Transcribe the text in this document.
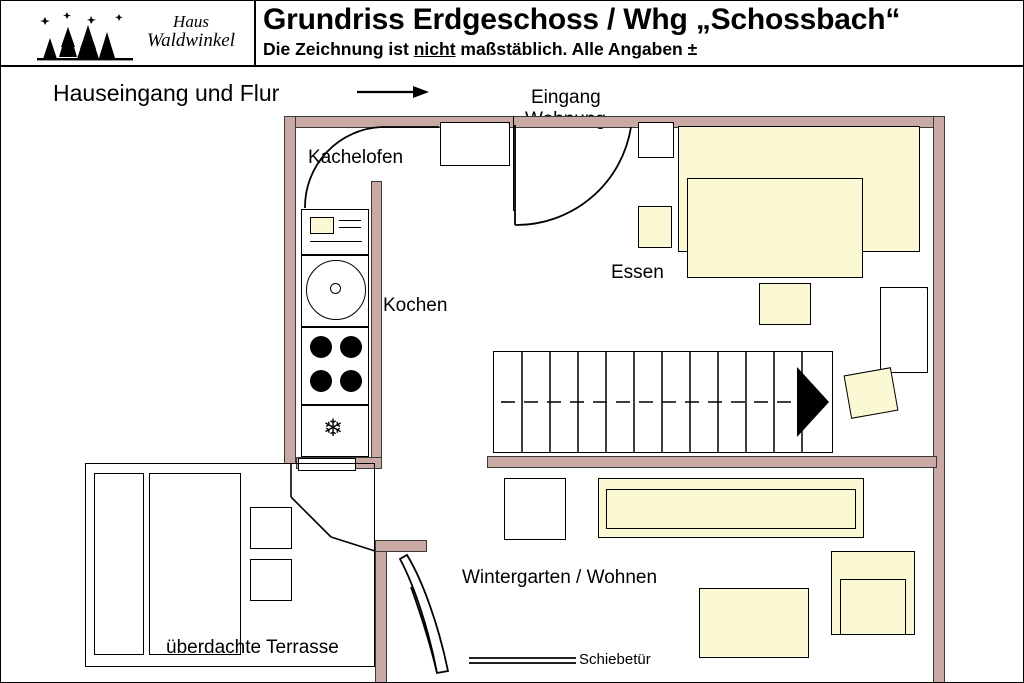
Haus
Waldwinkel
Grundriss Erdgeschoss / Whg „Schossbach“
Die Zeichnung ist nicht maßstäblich. Alle Angaben ±
Hauseingang und Flur	Eingang
Kachelofen
Kochen
Essen
Wintergarten / Wohnen
Schiebetür
überdachte Terrasse
❄
